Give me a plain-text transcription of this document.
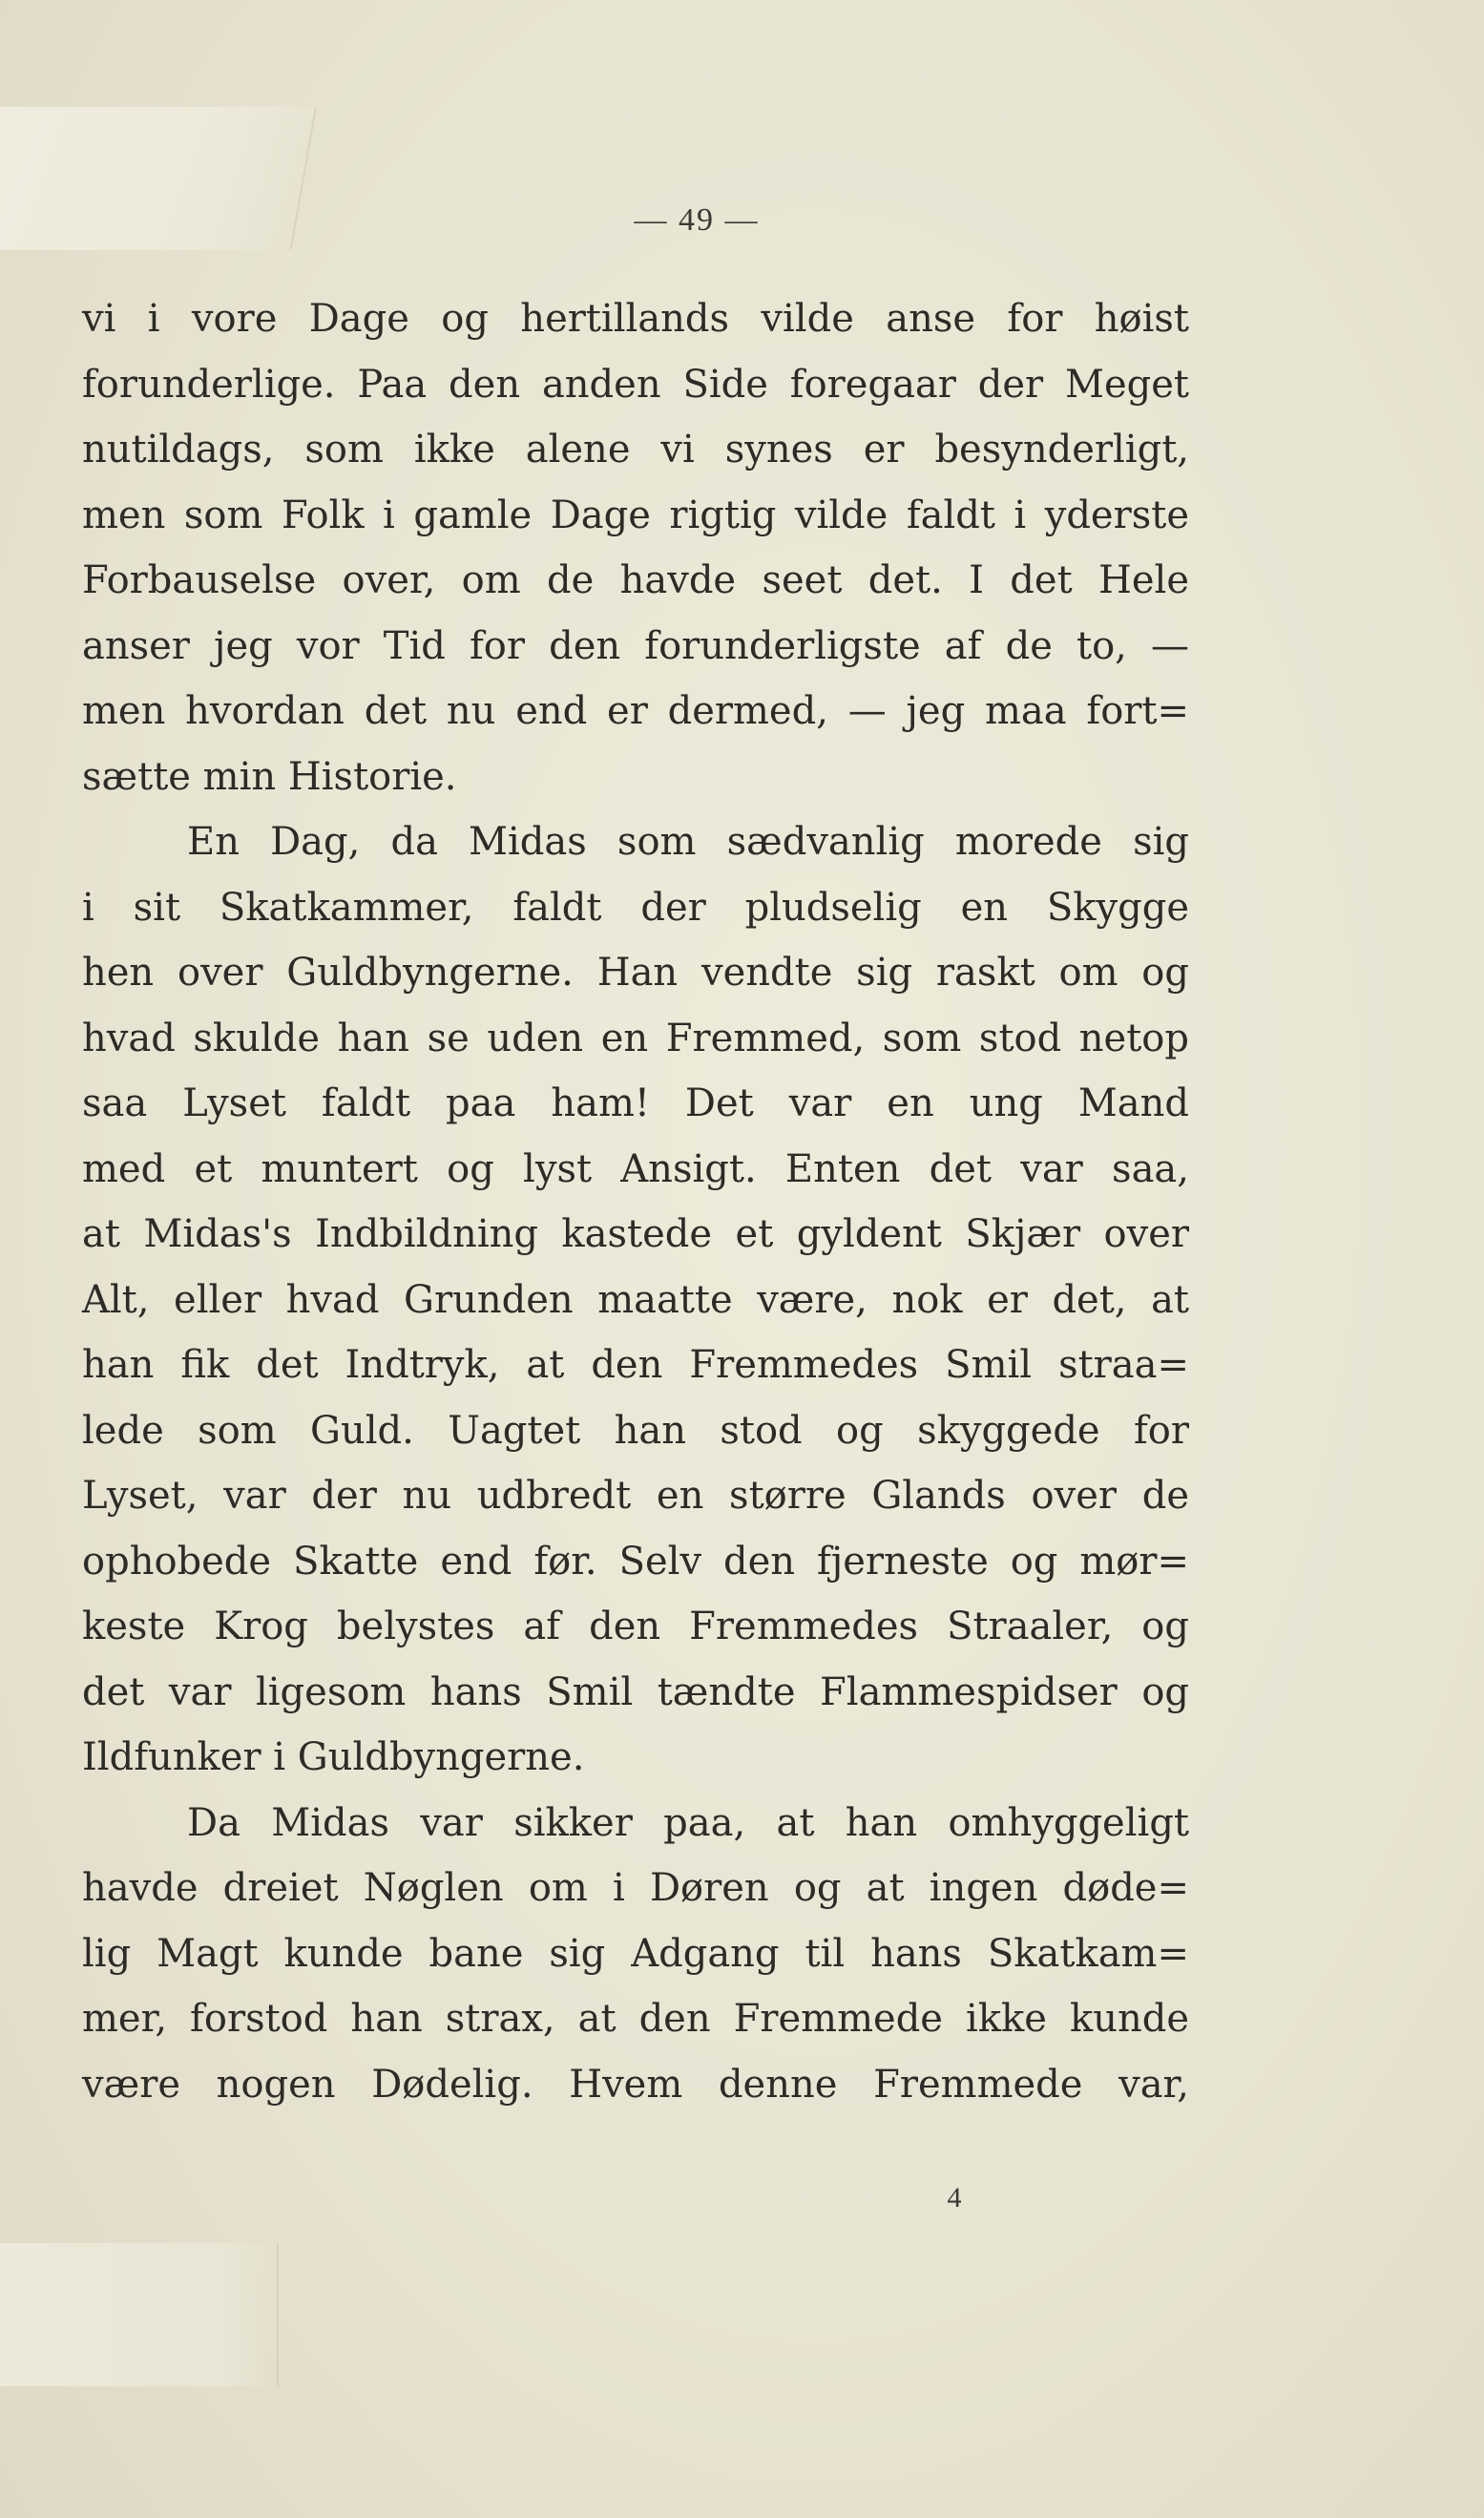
— 49 —
vi i vore Dage og hertillands vilde anse for høist
forunderlige. Paa den anden Side foregaar der Meget
nutildags, som ikke alene vi synes er besynderligt,
men som Folk i gamle Dage rigtig vilde faldt i yderste
Forbauselse over, om de havde seet det. I det Hele
anser jeg vor Tid for den forunderligste af de to, —
men hvordan det nu end er dermed, — jeg maa fort=
sætte min Historie.
En Dag, da Midas som sædvanlig morede sig
i sit Skatkammer, faldt der pludselig en Skygge
hen over Guldbyngerne. Han vendte sig raskt om og
hvad skulde han se uden en Fremmed, som stod netop
saa Lyset faldt paa ham! Det var en ung Mand
med et muntert og lyst Ansigt. Enten det var saa,
at Midas's Indbildning kastede et gyldent Skjær over
Alt, eller hvad Grunden maatte være, nok er det, at
han fik det Indtryk, at den Fremmedes Smil straa=
lede som Guld. Uagtet han stod og skyggede for
Lyset, var der nu udbredt en større Glands over de
ophobede Skatte end før. Selv den fjerneste og mør=
keste Krog belystes af den Fremmedes Straaler, og
det var ligesom hans Smil tændte Flammespidser og
Ildfunker i Guldbyngerne.
Da Midas var sikker paa, at han omhyggeligt
havde dreiet Nøglen om i Døren og at ingen døde=
lig Magt kunde bane sig Adgang til hans Skatkam=
mer, forstod han strax, at den Fremmede ikke kunde
være nogen Dødelig. Hvem denne Fremmede var,
4
